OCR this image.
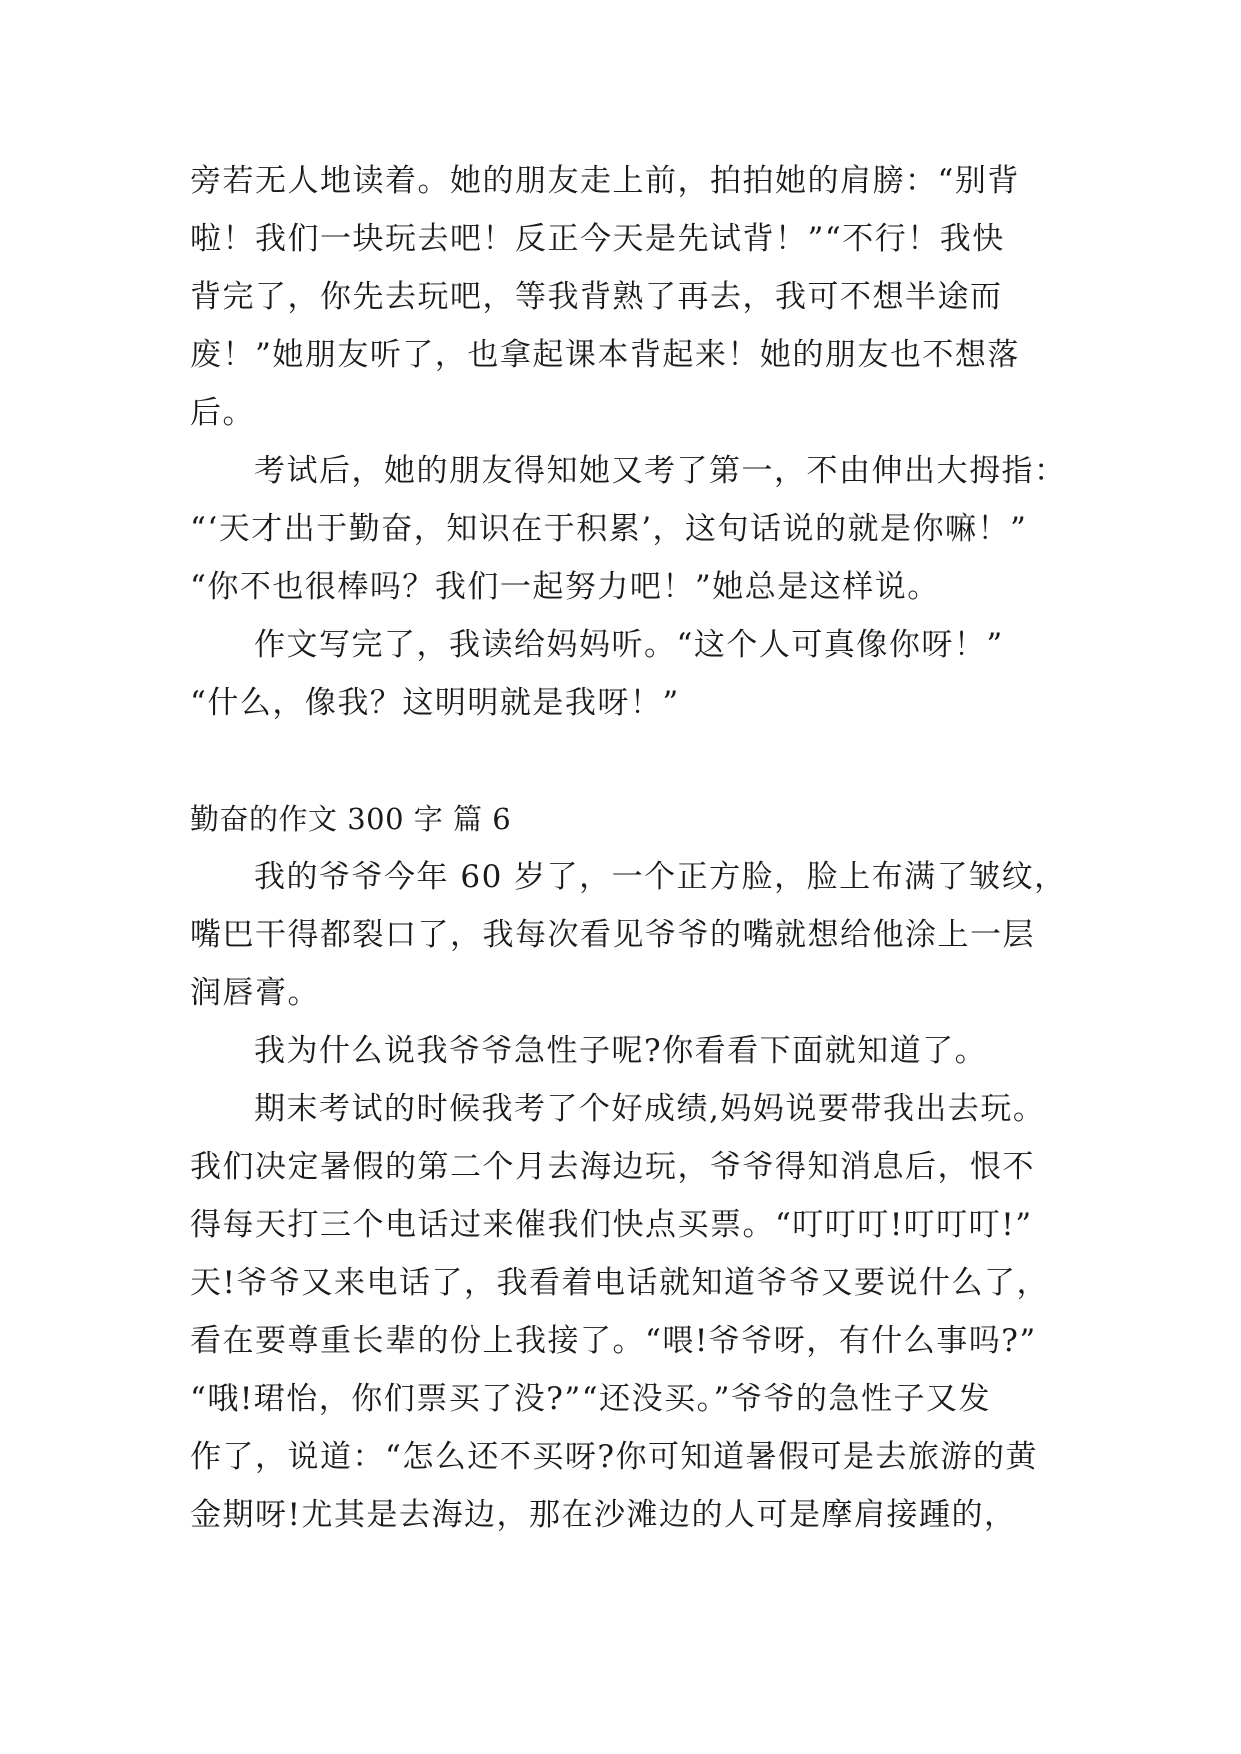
旁若无人地读着。她的朋友走上前，拍拍她的肩膀：“别背
啦！我们一块玩去吧！反正今天是先试背！”“不行！我快
背完了，你先去玩吧，等我背熟了再去，我可不想半途而
废！”她朋友听了，也拿起课本背起来！她的朋友也不想落
后。
考试后，她的朋友得知她又考了第一，不由伸出大拇指：
“‘天才出于勤奋，知识在于积累’，这句话说的就是你嘛！”
“你不也很棒吗？我们一起努力吧！”她总是这样说。
作文写完了，我读给妈妈听。“这个人可真像你呀！”
“什么，像我？这明明就是我呀！”
勤奋的作文 300 字 篇 6
我的爷爷今年 60 岁了，一个正方脸，脸上布满了皱纹，
嘴巴干得都裂口了，我每次看见爷爷的嘴就想给他涂上一层
润唇膏。
我为什么说我爷爷急性子呢?你看看下面就知道了。
期末考试的时候我考了个好成绩,妈妈说要带我出去玩。
我们决定暑假的第二个月去海边玩，爷爷得知消息后，恨不
得每天打三个电话过来催我们快点买票。“叮叮叮!叮叮叮!”
天!爷爷又来电话了，我看着电话就知道爷爷又要说什么了，
看在要尊重长辈的份上我接了。“喂!爷爷呀，有什么事吗?”
“哦!珺怡，你们票买了没?”“还没买。”爷爷的急性子又发
作了，说道：“怎么还不买呀?你可知道暑假可是去旅游的黄
金期呀!尤其是去海边，那在沙滩边的人可是摩肩接踵的，
